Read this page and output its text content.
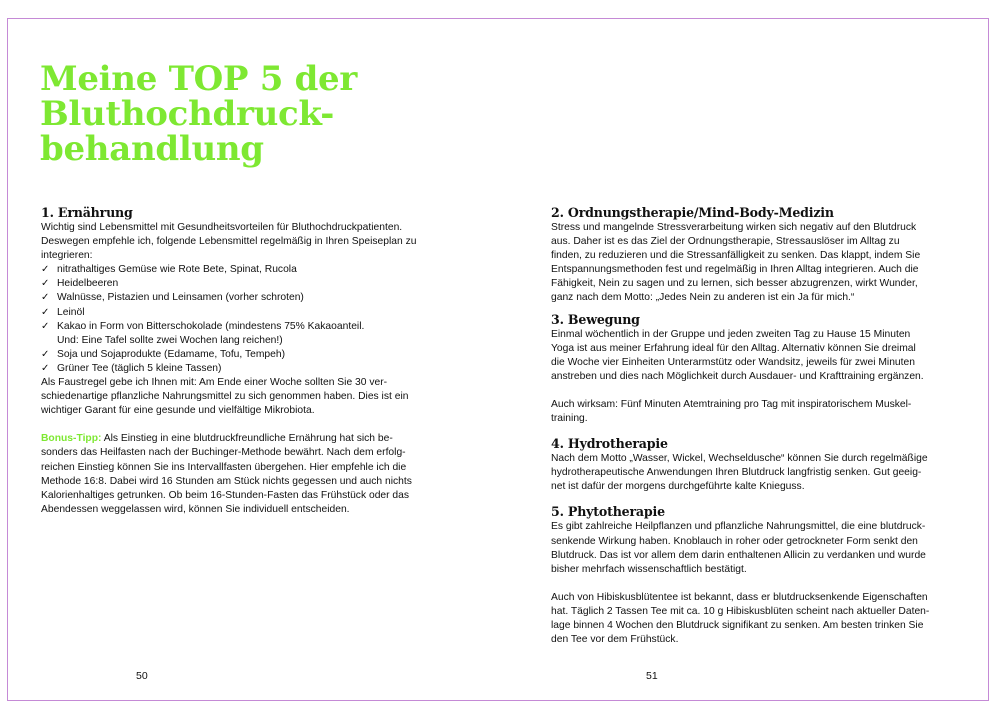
Meine TOP 5 der
Bluthochdruck-
behandlung
1. Ernährung

Wichtig sind Lebensmittel mit Gesundheitsvorteilen für Bluthochdruckpatienten.

Deswegen empfehle ich, folgende Lebensmittel regelmäßig in Ihren Speiseplan zu

integrieren:

✓ nitrathaltiges Gemüse wie Rote Bete, Spinat, Rucola
✓ Heidelbeeren
✓ Walnüsse, Pistazien und Leinsamen (vorher schroten)
✓ Leinöl
✓ Kakao in Form von Bitterschokolade (mindestens 75% Kakaoanteil.

Und: Eine Tafel sollte zwei Wochen lang reichen!)

✓ Soja und Sojaprodukte (Edamame, Tofu, Tempeh)
✓ Grüner Tee (täglich 5 kleine Tassen)

Als Faustregel gebe ich Ihnen mit: Am Ende einer Woche sollten Sie 30 ver-

schiedenartige pflanzliche Nahrungsmittel zu sich genommen haben. Dies ist ein

wichtiger Garant für eine gesunde und vielfältige Mikrobiota.

Bonus-Tipp: Als Einstieg in eine blutdruckfreundliche Ernährung hat sich be-

sonders das Heilfasten nach der Buchinger-Methode bewährt. Nach dem erfolg-

reichen Einstieg können Sie ins Intervallfasten übergehen. Hier empfehle ich die

Methode 16:8. Dabei wird 16 Stunden am Stück nichts gegessen und auch nichts

Kalorienhaltiges getrunken. Ob beim 16-Stunden-Fasten das Frühstück oder das

Abendessen weggelassen wird, können Sie individuell entscheiden.

2. Ordnungstherapie/Mind-Body-Medizin

Stress und mangelnde Stressverarbeitung wirken sich negativ auf den Blutdruck

aus. Daher ist es das Ziel der Ordnungstherapie, Stressauslöser im Alltag zu

finden, zu reduzieren und die Stressanfälligkeit zu senken. Das klappt, indem Sie

Entspannungsmethoden fest und regelmäßig in Ihren Alltag integrieren. Auch die

Fähigkeit, Nein zu sagen und zu lernen, sich besser abzugrenzen, wirkt Wunder,

ganz nach dem Motto: „Jedes Nein zu anderen ist ein Ja für mich.“

3. Bewegung

Einmal wöchentlich in der Gruppe und jeden zweiten Tag zu Hause 15 Minuten

Yoga ist aus meiner Erfahrung ideal für den Alltag. Alternativ können Sie dreimal

die Woche vier Einheiten Unterarmstütz oder Wandsitz, jeweils für zwei Minuten

anstreben und dies nach Möglichkeit durch Ausdauer- und Krafttraining ergänzen.

Auch wirksam: Fünf Minuten Atemtraining pro Tag mit inspiratorischem Muskel-

training.

4. Hydrotherapie

Nach dem Motto „Wasser, Wickel, Wechseldusche“ können Sie durch regelmäßige

hydrotherapeutische Anwendungen Ihren Blutdruck langfristig senken. Gut geeig-

net ist dafür der morgens durchgeführte kalte Knieguss.

5. Phytotherapie

Es gibt zahlreiche Heilpflanzen und pflanzliche Nahrungsmittel, die eine blutdruck-

senkende Wirkung haben. Knoblauch in roher oder getrockneter Form senkt den

Blutdruck. Das ist vor allem dem darin enthaltenen Allicin zu verdanken und wurde

bisher mehrfach wissenschaftlich bestätigt.

Auch von Hibiskusblütentee ist bekannt, dass er blutdrucksenkende Eigenschaften

hat. Täglich 2 Tassen Tee mit ca. 10 g Hibiskusblüten scheint nach aktueller Daten-

lage binnen 4 Wochen den Blutdruck signifikant zu senken. Am besten trinken Sie

den Tee vor dem Frühstück.

50	51
